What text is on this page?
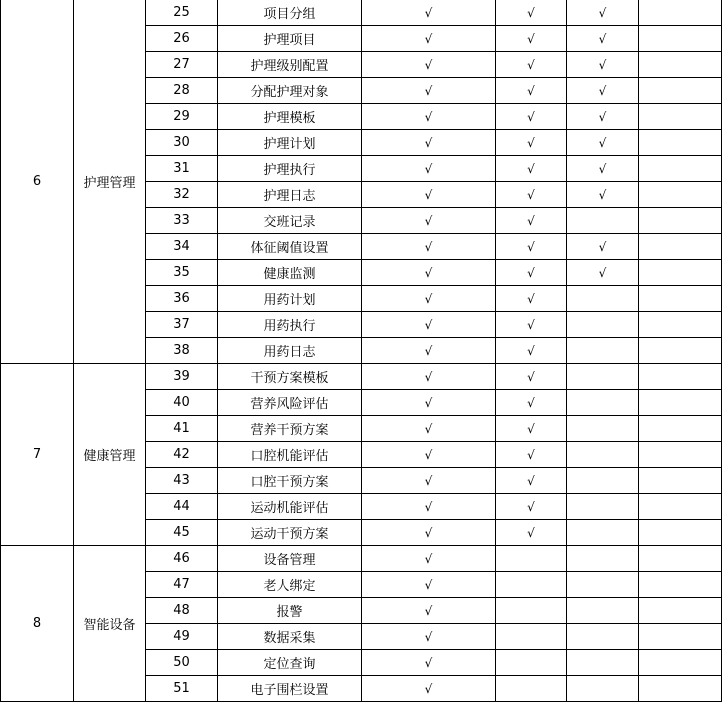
6	护理管理	25	项目分组	√	√	√	
		26	护理项目	√	√	√	
		27	护理级别配置	√	√	√	
		28	分配护理对象	√	√	√	
		29	护理模板	√	√	√	
		30	护理计划	√	√	√	
		31	护理执行	√	√	√	
		32	护理日志	√	√	√	
		33	交班记录	√	√		
		34	体征阈值设置	√	√	√	
		35	健康监测	√	√	√	
		36	用药计划	√	√		
		37	用药执行	√	√		
		38	用药日志	√	√		
7	健康管理	39	干预方案模板	√	√		
		40	营养风险评估	√	√		
		41	营养干预方案	√	√		
		42	口腔机能评估	√	√		
		43	口腔干预方案	√	√		
		44	运动机能评估	√	√		
		45	运动干预方案	√	√		
8	智能设备	46	设备管理	√			
		47	老人绑定	√			
		48	报警	√			
		49	数据采集	√			
		50	定位查询	√			
		51	电子围栏设置	√			
